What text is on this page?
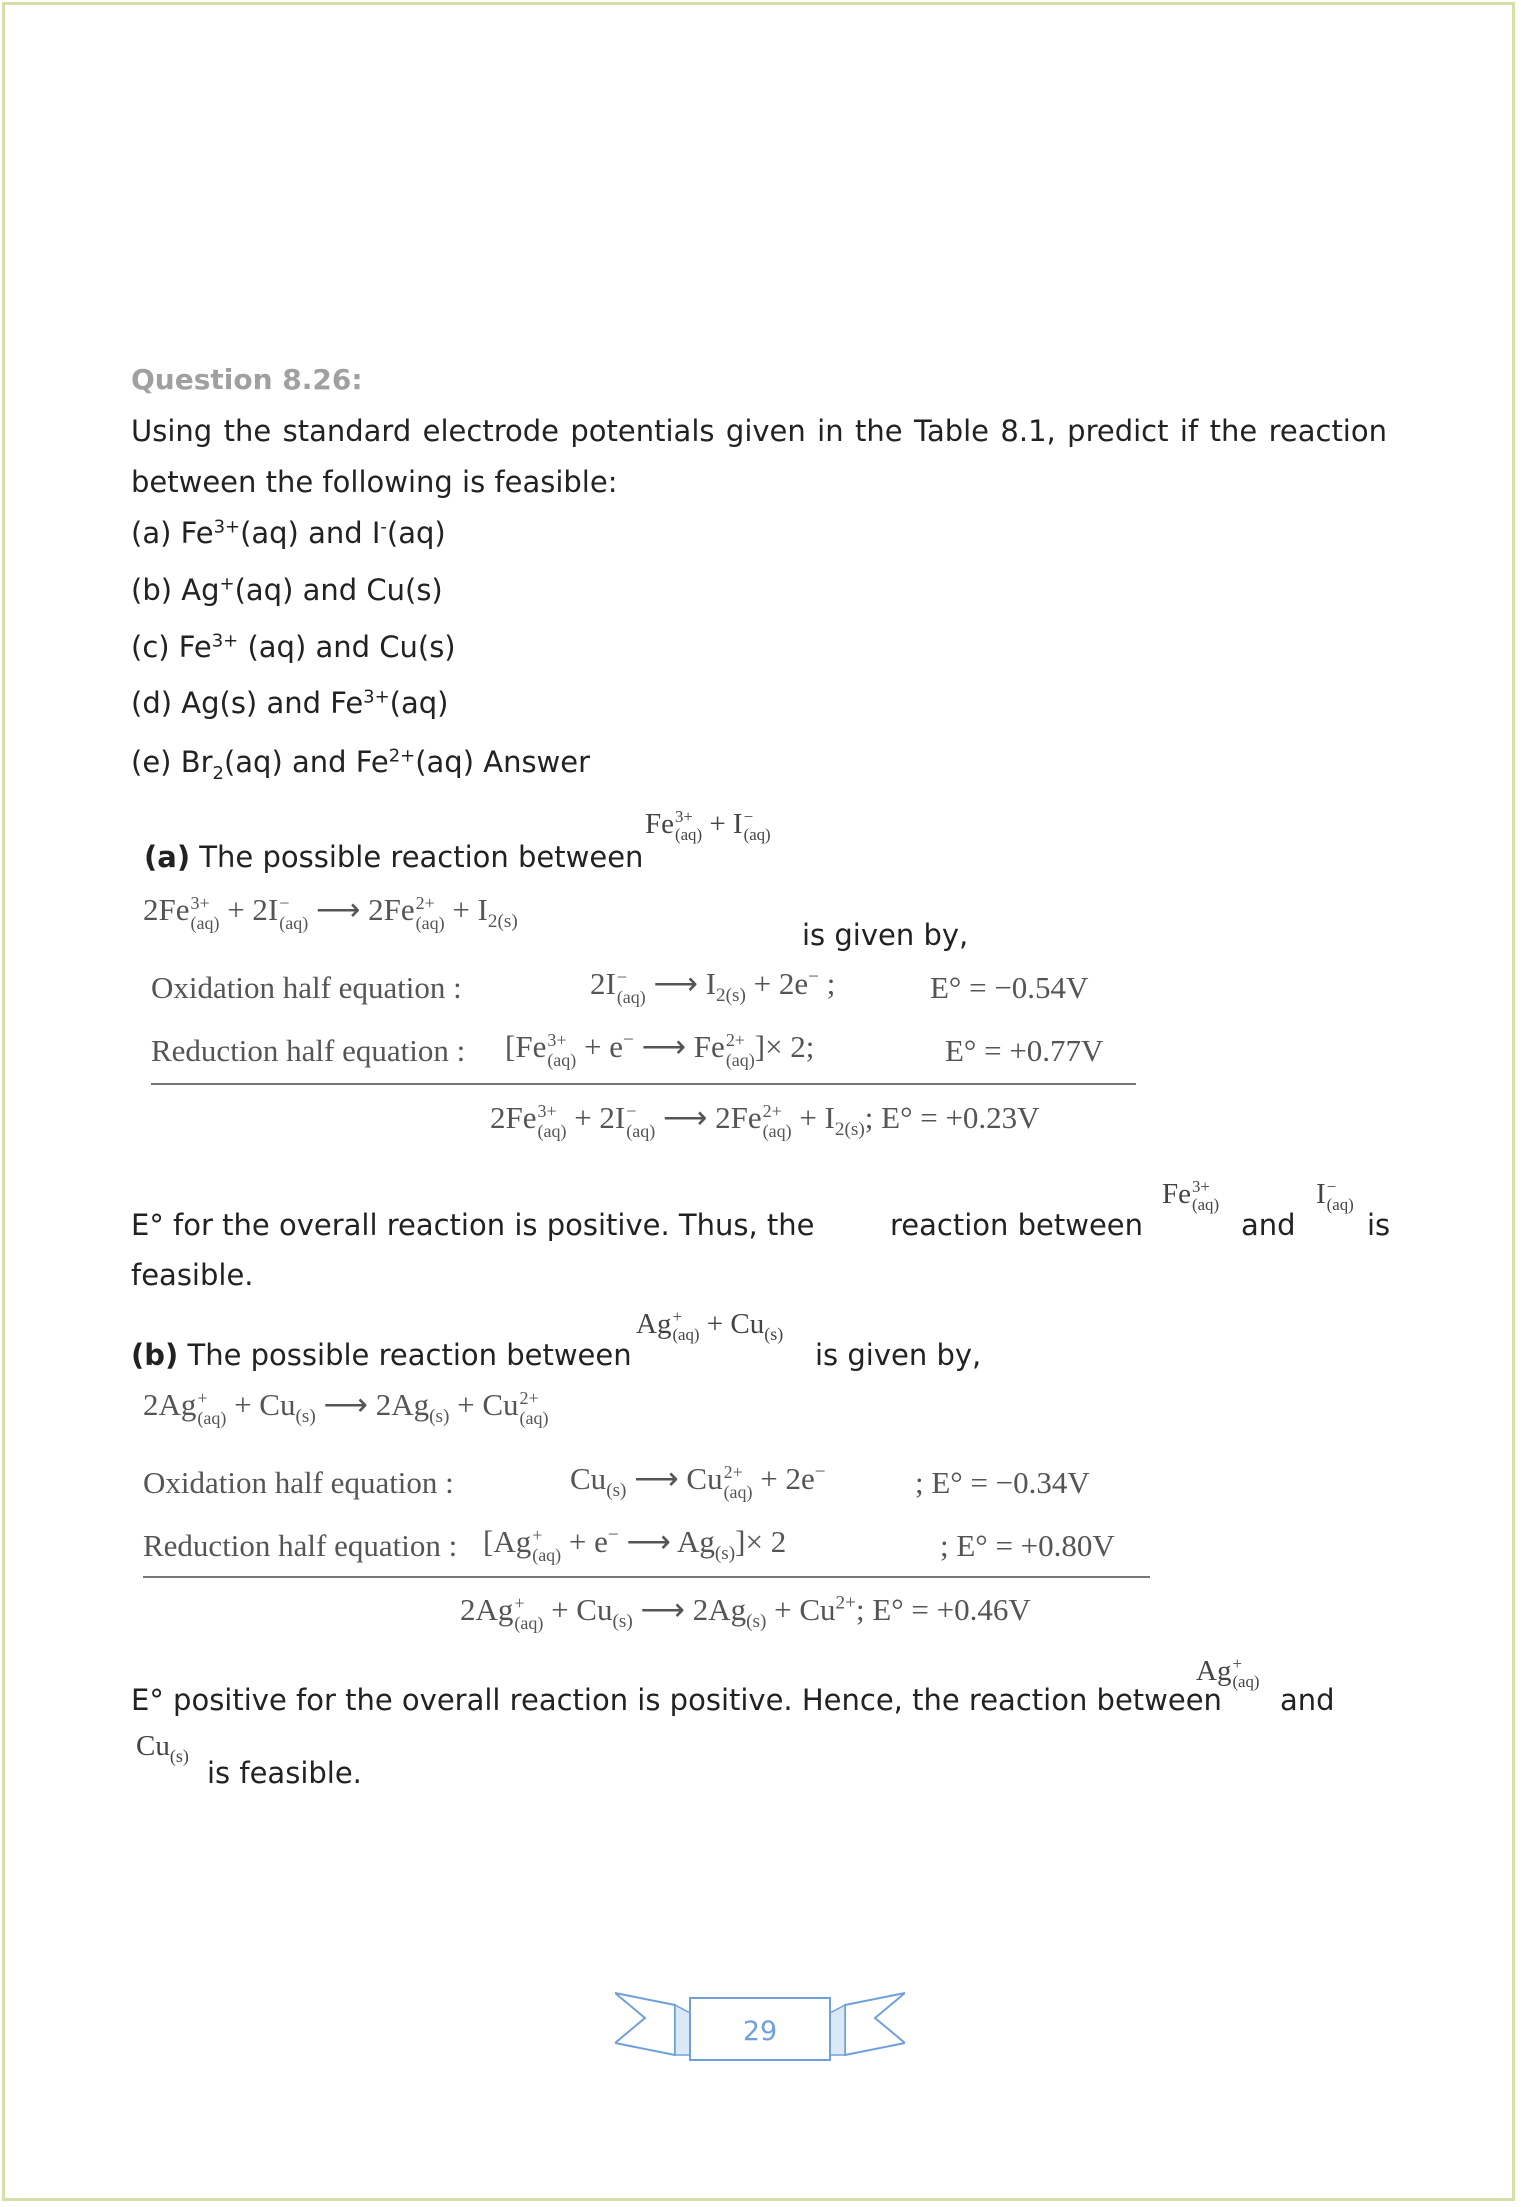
Question 8.26:
Using the standard electrode potentials given in the Table 8.1, predict if the reaction
between the following is feasible:
(a) $Fe^{3+}(aq)$ and I-(aq)
(b) Ag+(aq) and Cu(s)
(c) $Fe^{3+}$ (aq) and Cu(s)
(d) Ag(s) and $Fe^{3+}(aq)$
(e) $Br_2(aq)$ and $Fe^{2+}(aq)$ Answer
(a) The possible reaction between
Fe 3+
(aq) + I −
(aq)
2Fe 3+
(aq) + 2I −
(aq) ⟶ 2Fe 2+
$(aq) + I_{2(s)}$	is given by,
Oxidation half equation :	2I −
(aq) ⟶ $I_{2(s)} + 2e^-$ ;	E° = −0.54V
Reduction half equation : [Fe 3+
(aq) + e− ⟶ Fe 2+
(aq) ]× 2;	E° = +0.77V
2Fe 3+
(aq) + 2I −
(aq) ⟶ 2Fe 2+
$(aq) + I_{2(s)}$; E° = +0.23V
E° for the overall reaction is positive. Thus, the	reaction between
Fe 3+
(aq)
and
I −
(aq)
is
feasible.
(b) The possible reaction between
Ag +
$(aq) + Cu_{(s)}$
is given by,
2Ag +
$(aq) + Cu_{(s)}$ ⟶ $2Ag_{(s)} + Cu$ 2+
(aq)
Oxidation half equation :	$Cu_{(s)}$ ⟶ Cu 2+
(aq) + 2e−	; E° = −0.34V
Reduction half equation : [Ag +
(aq) + e− ⟶ $Ag_{(s)}]\times 2$	; E° = +0.80V
2Ag +
$(aq) + Cu_{(s)}$ ⟶ $2Ag_{(s)} + Cu^{2+}$; E° = +0.46V
E° positive for the overall reaction is positive. Hence, the reaction between
Ag +
(aq)
and
$Cu_{(s)}$
is feasible.
29
